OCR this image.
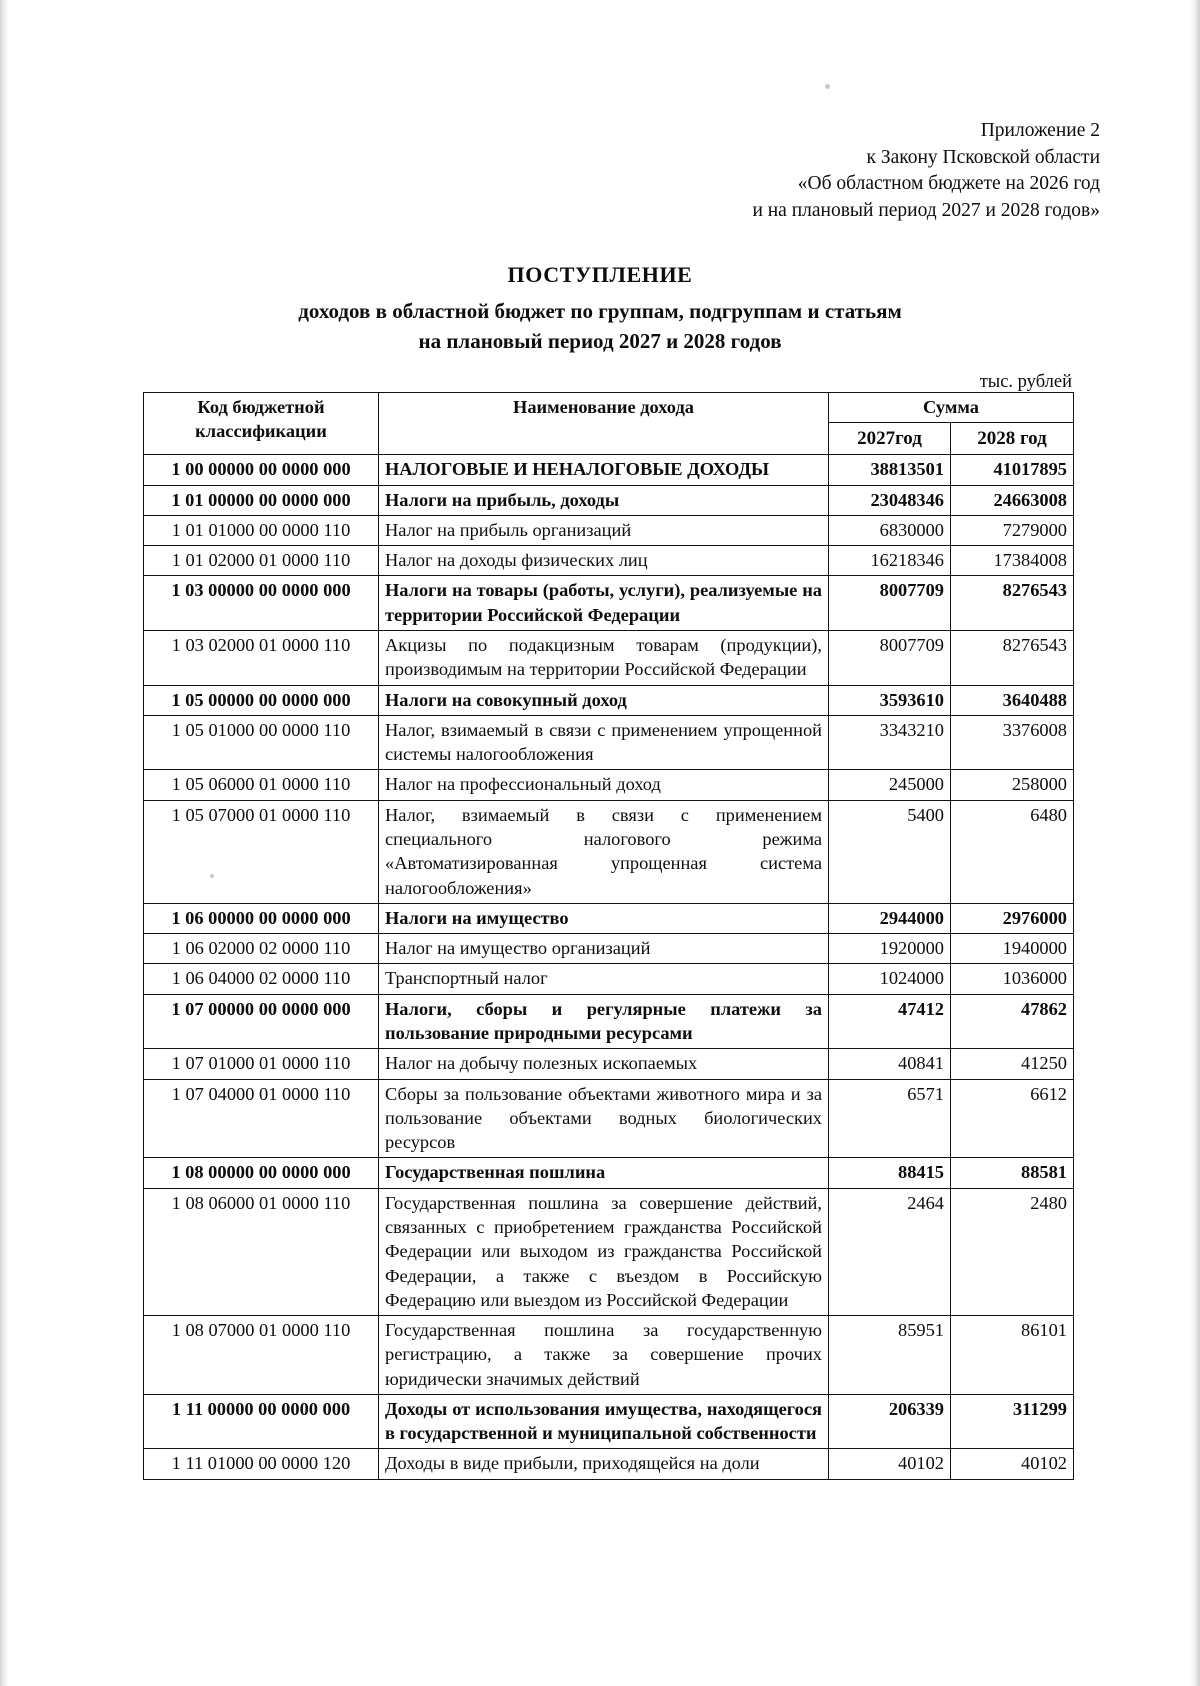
Приложение 2
к Закону Псковской области
«Об областном бюджете на 2026 год
и на плановый период 2027 и 2028 годов»
ПОСТУПЛЕНИЕ
доходов в областной бюджет по группам, подгруппам и статьям
на плановый период 2027 и 2028 годов
тыс. рублей
Код бюджетной
классификации	Наименование дохода	Сумма	
		2027год	2028 год
1 00 00000 00 0000 000	НАЛОГОВЫЕ И НЕНАЛОГОВЫЕ ДОХОДЫ	38813501	41017895
1 01 00000 00 0000 000	Налоги на прибыль, доходы	23048346	24663008
1 01 01000 00 0000 110	Налог на прибыль организаций	6830000	7279000
1 01 02000 01 0000 110	Налог на доходы физических лиц	16218346	17384008
1 03 00000 00 0000 000	Налоги на товары (работы, услуги), реализуемые на территории Российской Федерации	8007709	8276543
1 03 02000 01 0000 110	Акцизы по подакцизным товарам (продукции), производимым на территории Российской Федерации	8007709	8276543
1 05 00000 00 0000 000	Налоги на совокупный доход	3593610	3640488
1 05 01000 00 0000 110	Налог, взимаемый в связи с применением упрощенной системы налогообложения	3343210	3376008
1 05 06000 01 0000 110	Налог на профессиональный доход	245000	258000
1 05 07000 01 0000 110	Налог, взимаемый в связи с применением специального налогового режима «Автоматизированная упрощенная система налогообложения»	5400	6480
1 06 00000 00 0000 000	Налоги на имущество	2944000	2976000
1 06 02000 02 0000 110	Налог на имущество организаций	1920000	1940000
1 06 04000 02 0000 110	Транспортный налог	1024000	1036000
1 07 00000 00 0000 000	Налоги, сборы и регулярные платежи за пользование природными ресурсами	47412	47862
1 07 01000 01 0000 110	Налог на добычу полезных ископаемых	40841	41250
1 07 04000 01 0000 110	Сборы за пользование объектами животного мира и за пользование объектами водных биологических ресурсов	6571	6612
1 08 00000 00 0000 000	Государственная пошлина	88415	88581
1 08 06000 01 0000 110	Государственная пошлина за совершение действий, связанных с приобретением гражданства Российской Федерации или выходом из гражданства Российской Федерации, а также с въездом в Российскую Федерацию или выездом из Российской Федерации	2464	2480
1 08 07000 01 0000 110	Государственная пошлина за государственную регистрацию, а также за совершение прочих юридически значимых действий	85951	86101
1 11 00000 00 0000 000	Доходы от использования имущества, находящегося в государственной и муниципальной собственности	206339	311299
1 11 01000 00 0000 120	Доходы в виде прибыли, приходящейся на доли	40102	40102
